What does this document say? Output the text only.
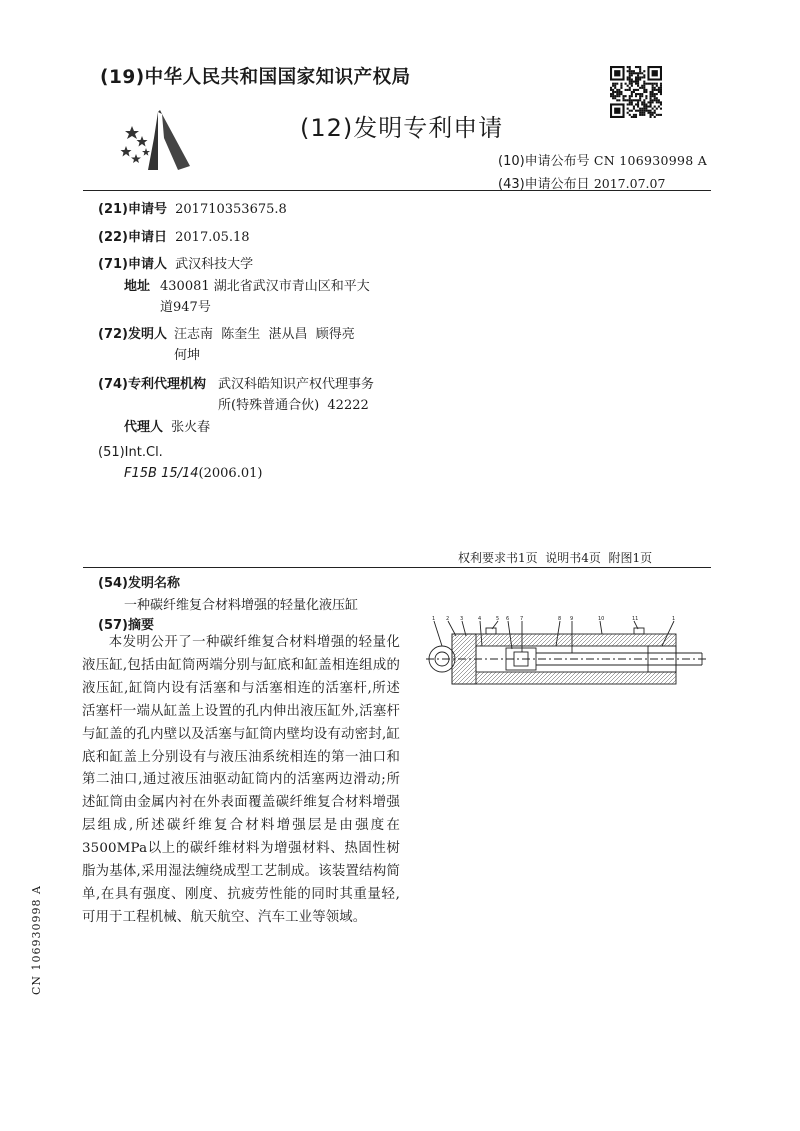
(19)中华人民共和国国家知识产权局
(12)发明专利申请
(10)申请公布号 CN 106930998 A
(43)申请公布日 2017.07.07
(21)申请号 201710353675.8
(22)申请日 2017.05.18
(71)申请人 武汉科技大学
地址 430081 湖北省武汉市青山区和平大
道947号
(72)发明人 汪志南  陈奎生  湛从昌  顾得亮
何坤
(74)专利代理机构 武汉科皓知识产权代理事务
所(特殊普通合伙)  42222
代理人 张火春
(51)Int.Cl.
F15B 15/14(2006.01)
权利要求书1页  说明书4页  附图1页
(54)发明名称
一种碳纤维复合材料增强的轻量化液压缸
(57)摘要
本发明公开了一种碳纤维复合材料增强的轻量化液压缸,包括由缸筒两端分别与缸底和缸盖相连组成的液压缸,缸筒内设有活塞和与活塞相连的活塞杆,所述活塞杆一端从缸盖上设置的孔内伸出液压缸外,活塞杆与缸盖的孔内壁以及活塞与缸筒内壁均设有动密封,缸底和缸盖上分别设有与液压油系统相连的第一油口和第二油口,通过液压油驱动缸筒内的活塞两边滑动;所述缸筒由金属内衬在外表面覆盖碳纤维复合材料增强层组成,所述碳纤维复合材料增强层是由强度在3500MPa以上的碳纤维材料为增强材料、热固性树脂为基体,采用湿法缠绕成型工艺制成。该装置结构简单,在具有强度、刚度、抗疲劳性能的同时其重量轻,可用于工程机械、航天航空、汽车工业等领域。
1 2 3	4	5 6 7	8 9	10	11	1
CN 106930998 A
